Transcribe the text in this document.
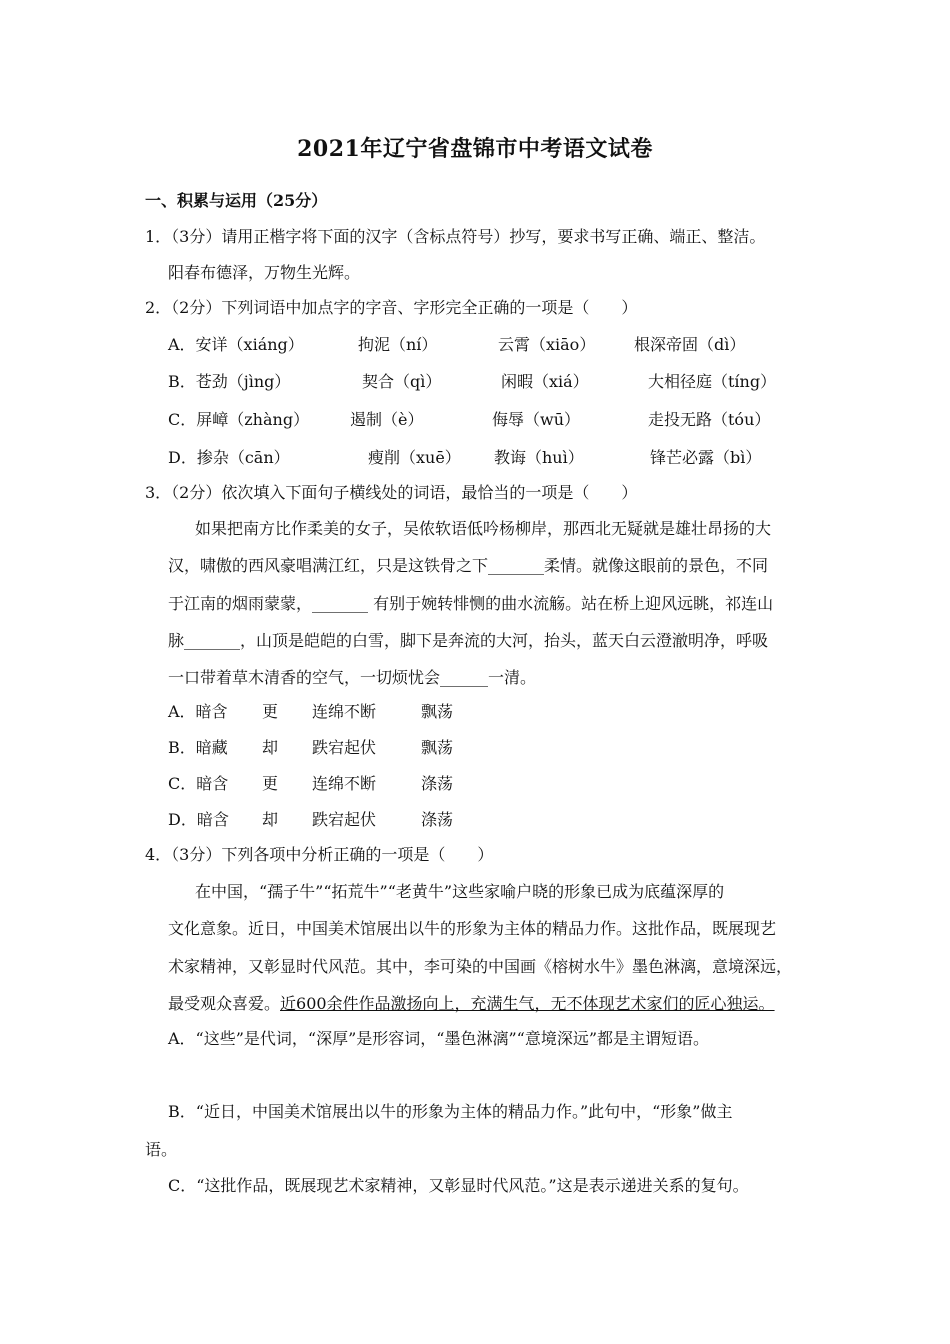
2021年辽宁省盘锦市中考语文试卷
一、积累与运用（25分）
1．（3分）请用正楷字将下面的汉字（含标点符号）抄写，要求书写正确、端正、整洁。
阳春布德泽，万物生光辉。
2．（2分）下列词语中加点字的字音、字形完全正确的一项是（　　）
A．安详（xiáng）	拘泥（ní）	云霄（xiāo） 根深帝固（dì）
B．苍劲（jìng）	契合（qì）	闲暇（xiá）	大相径庭（tíng）
C．屏嶂（zhàng）	遏制（è）	侮辱（wū）	走投无路（tóu）
D．掺杂（cān）	瘦削（xuē） 教诲（huì）	锋芒必露（bì）
3．（2分）依次填入下面句子横线处的词语，最恰当的一项是（　　）
如果把南方比作柔美的女子，吴侬软语低吟杨柳岸，那西北无疑就是雄壮昂扬的大
汉，啸傲的西风豪唱满江红，只是这铁骨之下_______柔情。就像这眼前的景色，不同
于江南的烟雨蒙蒙，_______ 有别于婉转悱恻的曲水流觞。站在桥上迎风远眺，祁连山
脉_______，山顶是皑皑的白雪，脚下是奔流的大河，抬头，蓝天白云澄澈明净，呼吸
一口带着草木清香的空气，一切烦忧会______一清。
A．暗含 更 连绵不断	飘荡
B．暗藏 却 跌宕起伏	飘荡
C．暗含 更 连绵不断	涤荡
D．暗含 却 跌宕起伏	涤荡
4．（3分）下列各项中分析正确的一项是（　　）
在中国，“孺子牛”“拓荒牛”“老黄牛”这些家喻户晓的形象已成为底蕴深厚的
文化意象。近日，中国美术馆展出以牛的形象为主体的精品力作。这批作品，既展现艺
术家精神，又彰显时代风范。其中，李可染的中国画《榕树水牛》墨色淋漓，意境深远，
最受观众喜爱。近600余件作品激扬向上，充满生气，无不体现艺术家们的匠心独运。
A．“这些”是代词，“深厚”是形容词，“墨色淋漓”“意境深远”都是主谓短语。
B．“近日，中国美术馆展出以牛的形象为主体的精品力作。”此句中，“形象”做主
语。
C．“这批作品，既展现艺术家精神，又彰显时代风范。”这是表示递进关系的复句。
